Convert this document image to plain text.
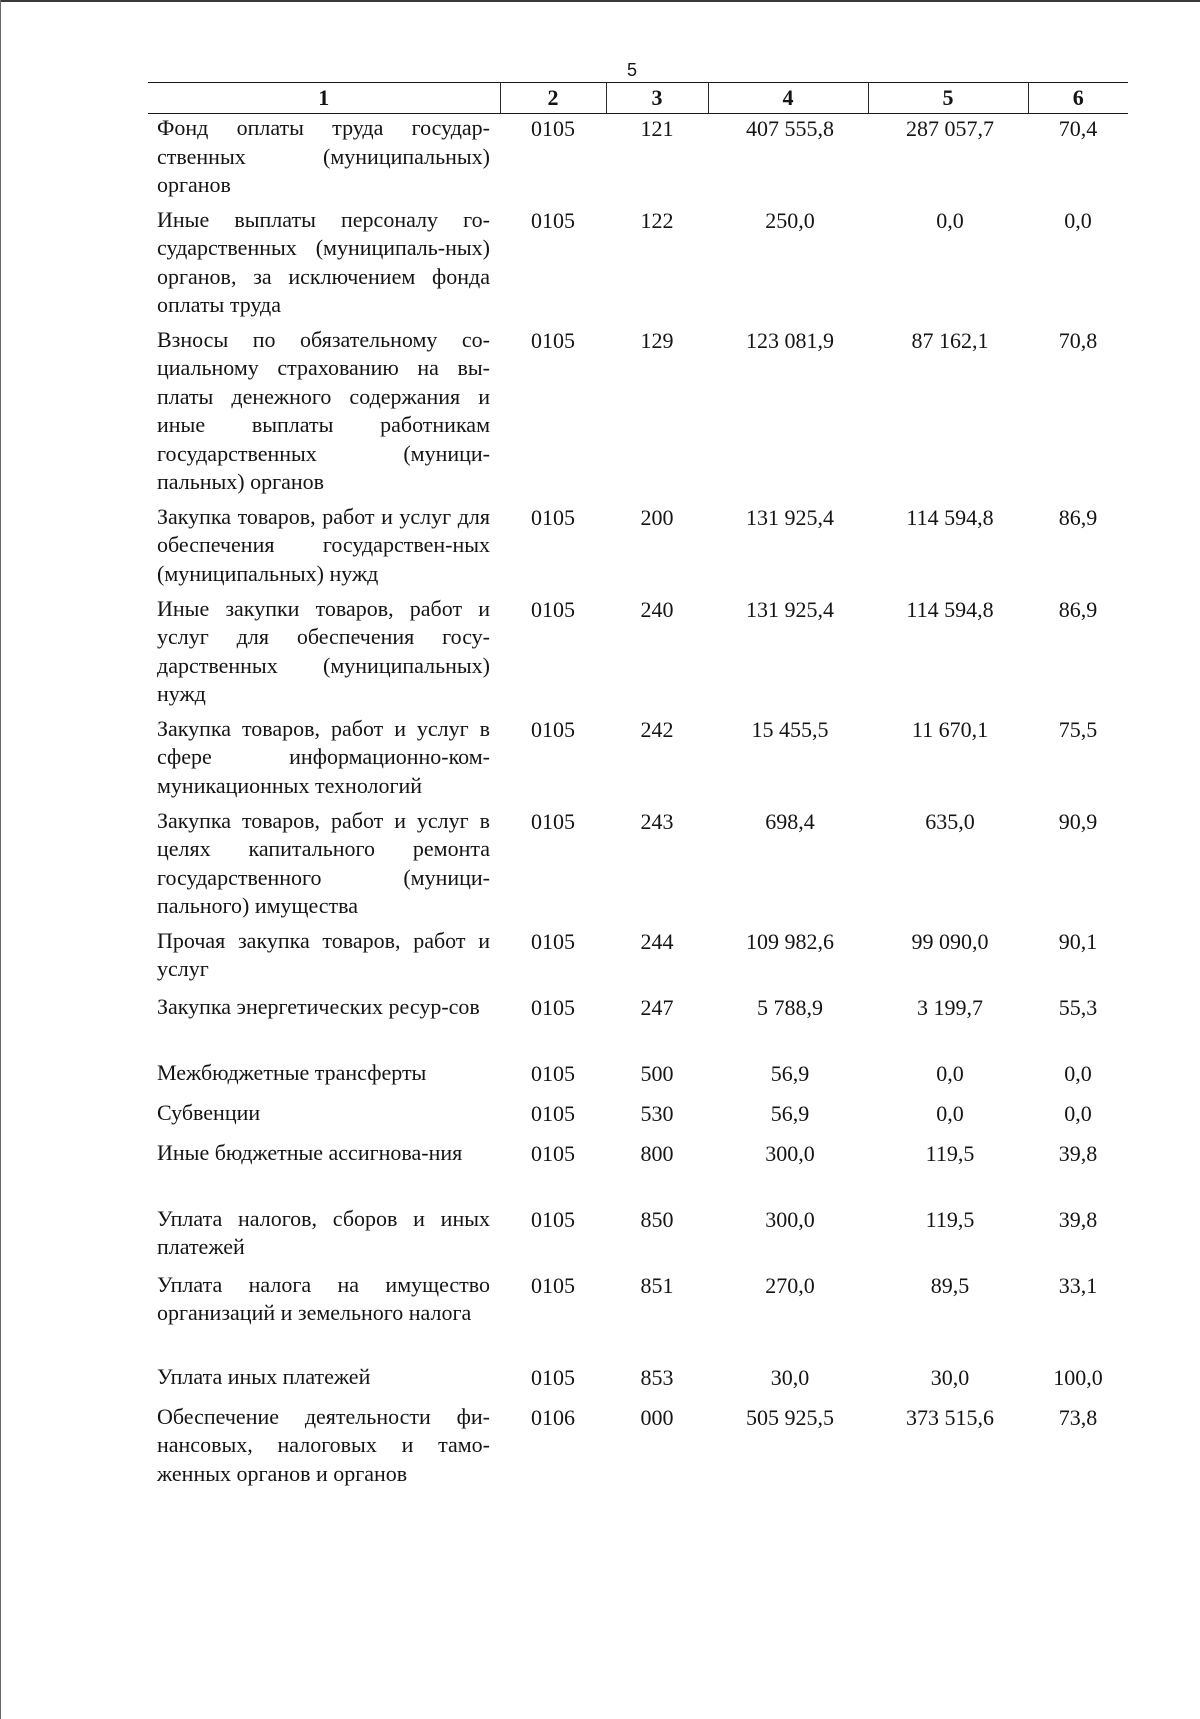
5
1	2	3	4	5	6
Фонд оплаты труда государ-ственных (муниципальных) органов	0105	121	407 555,8	287 057,7	70,4
Иные выплаты персоналу го-сударственных (муниципаль-ных) органов, за исключением фонда оплаты труда	0105	122	250,0	0,0	0,0
Взносы по обязательному со-циальному страхованию на вы-платы денежного содержания и иные выплаты работникам государственных (муници-пальных) органов	0105	129	123 081,9	87 162,1	70,8
Закупка товаров, работ и услуг для обеспечения государствен-ных (муниципальных) нужд	0105	200	131 925,4	114 594,8	86,9
Иные закупки товаров, работ и услуг для обеспечения госу-дарственных (муниципальных) нужд	0105	240	131 925,4	114 594,8	86,9
Закупка товаров, работ и услуг в сфере информационно-ком-муникационных технологий	0105	242	15 455,5	11 670,1	75,5
Закупка товаров, работ и услуг в целях капитального ремонта государственного (муници-пального) имущества	0105	243	698,4	635,0	90,9
Прочая закупка товаров, работ и услуг	0105	244	109 982,6	99 090,0	90,1
Закупка энергетических ресур-сов	0105	247	5 788,9	3 199,7	55,3
Межбюджетные трансферты	0105	500	56,9	0,0	0,0
Субвенции	0105	530	56,9	0,0	0,0
Иные бюджетные ассигнова-ния	0105	800	300,0	119,5	39,8
Уплата налогов, сборов и иных платежей	0105	850	300,0	119,5	39,8
Уплата налога на имущество организаций и земельного налога	0105	851	270,0	89,5	33,1
Уплата иных платежей	0105	853	30,0	30,0	100,0
Обеспечение деятельности фи-нансовых, налоговых и тамо-женных органов и органов	0106	000	505 925,5	373 515,6	73,8
